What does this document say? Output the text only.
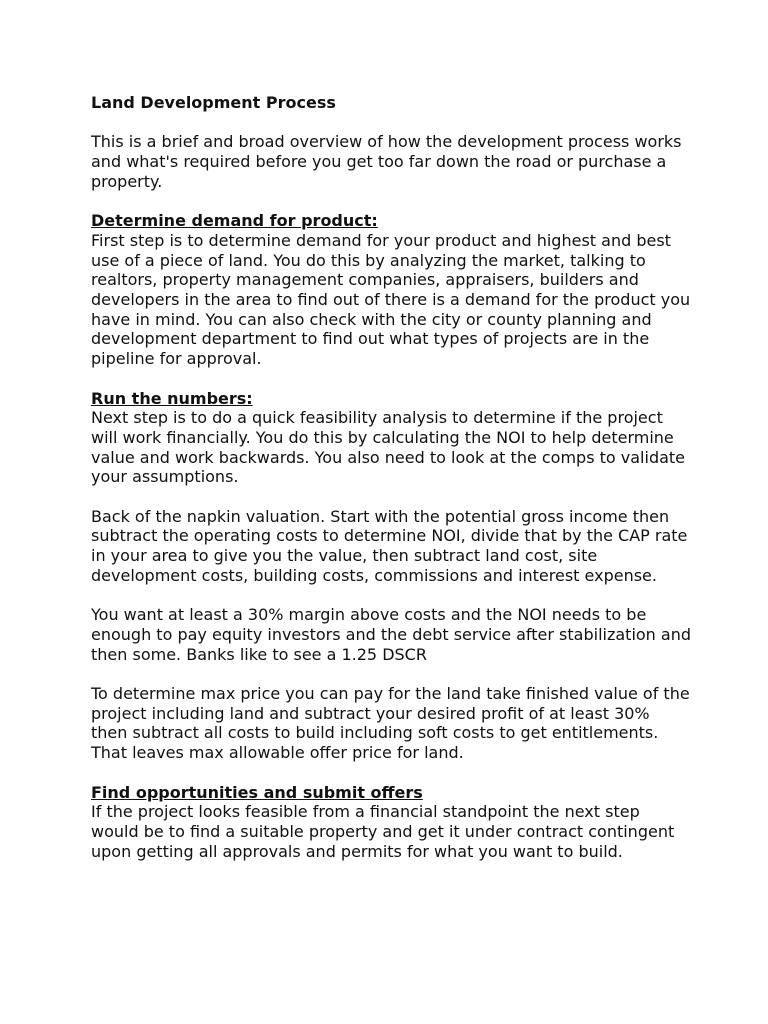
Land Development Process

This is a brief and broad overview of how the development process works and what's required before you get too far down the road or purchase a property.

Determine demand for product:

First step is to determine demand for your product and highest and best use of a piece of land. You do this by analyzing the market, talking to realtors, property management companies, appraisers, builders and developers in the area to find out of there is a demand for the product you have in mind. You can also check with the city or county planning and development department to find out what types of projects are in the pipeline for approval.

Run the numbers:

Next step is to do a quick feasibility analysis to determine if the project will work financially. You do this by calculating the NOI to help determine value and work backwards. You also need to look at the comps to validate your assumptions.

Back of the napkin valuation. Start with the potential gross income then subtract the operating costs to determine NOI, divide that by the CAP rate in your area to give you the value, then subtract land cost, site development costs, building costs, commissions and interest expense.

You want at least a 30% margin above costs and the NOI needs to be enough to pay equity investors and the debt service after stabilization and then some. Banks like to see a 1.25 DSCR

To determine max price you can pay for the land take finished value of the project including land and subtract your desired profit of at least 30% then subtract all costs to build including soft costs to get entitlements. That leaves max allowable offer price for land.

Find opportunities and submit offers

If the project looks feasible from a financial standpoint the next step would be to find a suitable property and get it under contract contingent upon getting all approvals and permits for what you want to build.
